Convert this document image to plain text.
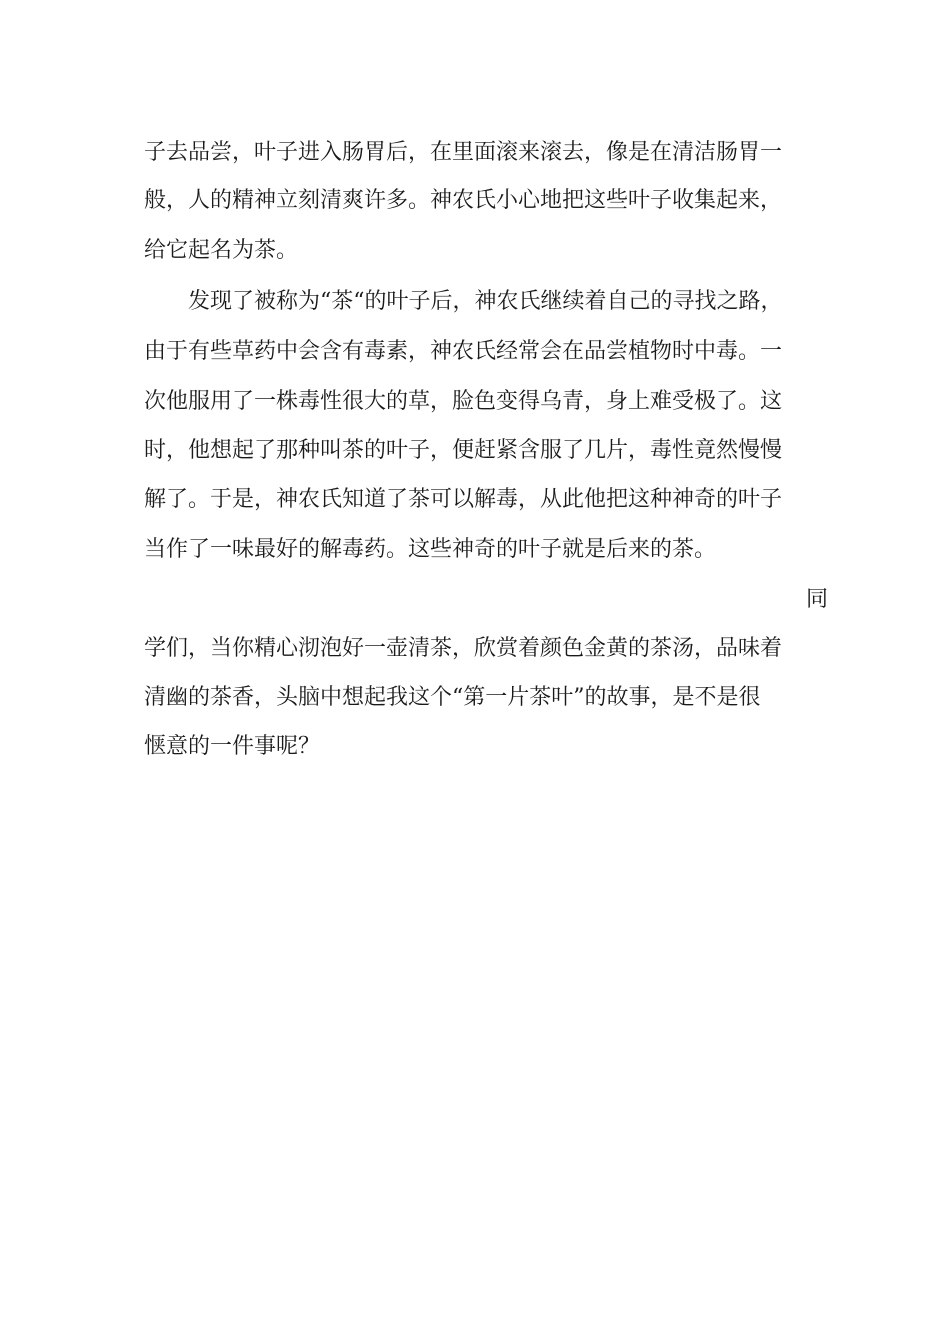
子去品尝，叶子进入肠胃后，在里面滚来滚去，像是在清洁肠胃一

般，人的精神立刻清爽许多。神农氏小心地把这些叶子收集起来，

给它起名为茶。

发现了被称为“茶“的叶子后，神农氏继续着自己的寻找之路，

由于有些草药中会含有毒素，神农氏经常会在品尝植物时中毒。一

次他服用了一株毒性很大的草，脸色变得乌青，身上难受极了。这

时，他想起了那种叫茶的叶子，便赶紧含服了几片，毒性竟然慢慢

解了。于是，神农氏知道了茶可以解毒，从此他把这种神奇的叶子

当作了一味最好的解毒药。这些神奇的叶子就是后来的茶。

同

学们，当你精心沏泡好一壶清茶，欣赏着颜色金黄的茶汤，品味着

清幽的茶香，头脑中想起我这个“第一片茶叶”的故事，是不是很

惬意的一件事呢？
